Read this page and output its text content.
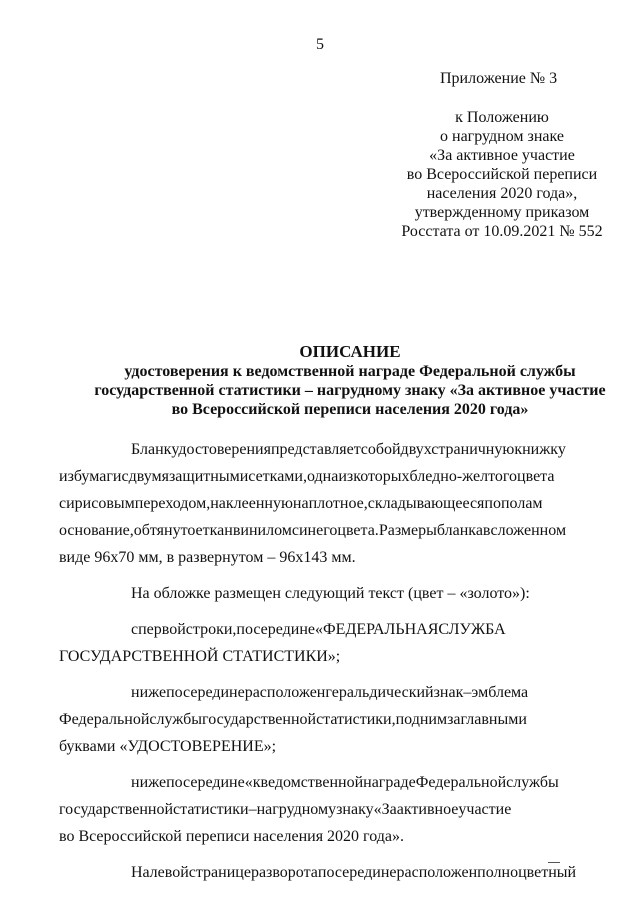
5
Приложение № 3
к Положению
о нагрудном знаке
«За активное участие
во Всероссийской переписи
населения 2020 года»,
утвержденному приказом
Росстата от 10.09.2021 № 552
ОПИСАНИЕ
удостоверения к ведомственной награде Федеральной службы
государственной статистики – нагрудному знаку «За активное участие
во Всероссийской переписи населения 2020 года»
Бланкудостоверенияпредставляетсобойдвухстраничнуюкнижку
избумагисдвумязащитнымисетками,однаизкоторыхбледно-желтогоцвета
сирисовымпереходом,наклееннуюнаплотное,складывающеесяпополам
основание,обтянутоетканвиниломсинегоцвета.Размерыбланкавсложенном
виде 96х70 мм, в развернутом – 96х143 мм.
На обложке размещен следующий текст (цвет – «золото»):
спервойстроки,посередине«ФЕДЕРАЛЬНАЯСЛУЖБА
ГОСУДАРСТВЕННОЙ СТАТИСТИКИ»;
нижепосерединерасположенгеральдическийзнак–эмблема
Федеральнойслужбыгосударственнойстатистики,поднимзаглавными
буквами «УДОСТОВЕРЕНИЕ»;
нижепосередине«кведомственнойнаградеФедеральнойслужбы
государственнойстатистики–нагрудномузнаку«Заактивноеучастие
во Всероссийской переписи населения 2020 года».
Налевойстраницеразворотапосерединерасположенполноцветный
